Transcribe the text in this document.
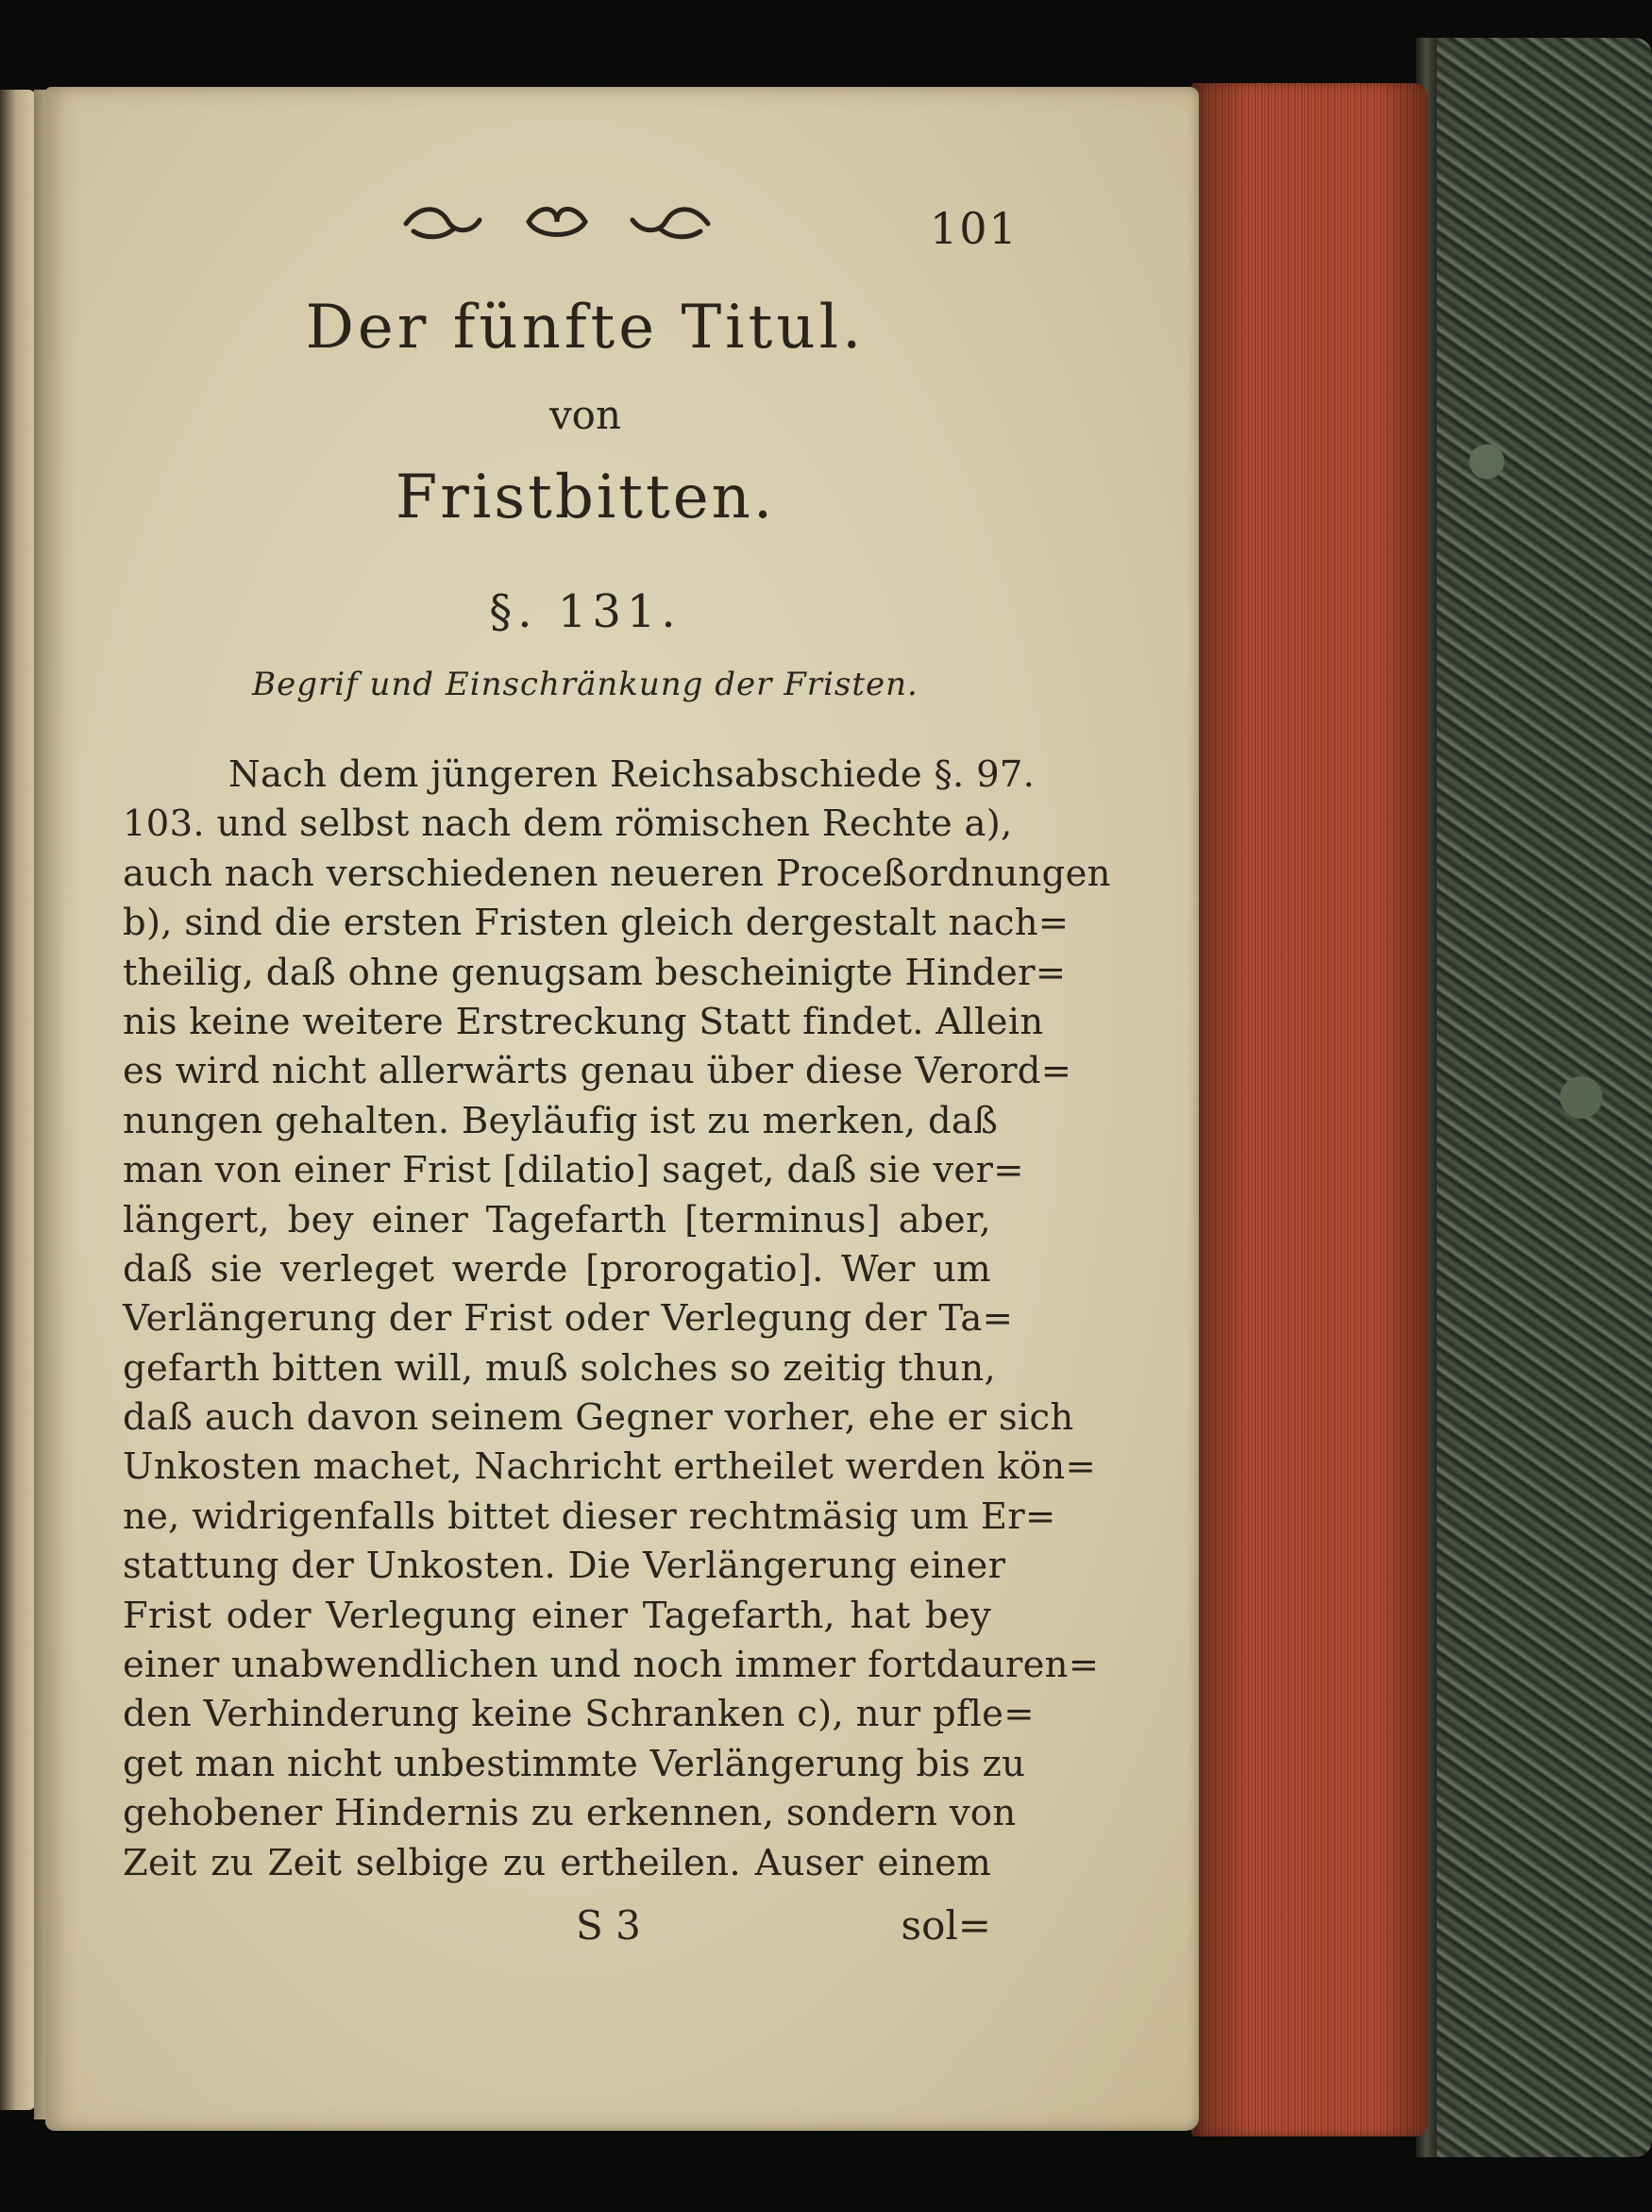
101
Der fünfte Titul.
von
Fristbitten.
§. 131.
Begrif und Einschränkung der Fristen.
Nach dem jüngeren Reichsabschiede §. 97.
103. und selbst nach dem römischen Rechte a),
auch nach verschiedenen neueren Proceßordnungen
b), sind die ersten Fristen gleich dergestalt nach=
theilig, daß ohne genugsam bescheinigte Hinder=
nis keine weitere Erstreckung Statt findet. Allein
es wird nicht allerwärts genau über diese Verord=
nungen gehalten. Beyläufig ist zu merken, daß
man von einer Frist [dilatio] saget, daß sie ver=
längert, bey einer Tagefarth [terminus] aber,
daß sie verleget werde [prorogatio]. Wer um
Verlängerung der Frist oder Verlegung der Ta=
gefarth bitten will, muß solches so zeitig thun,
daß auch davon seinem Gegner vorher, ehe er sich
Unkosten machet, Nachricht ertheilet werden kön=
ne, widrigenfalls bittet dieser rechtmäsig um Er=
stattung der Unkosten. Die Verlängerung einer
Frist oder Verlegung einer Tagefarth, hat bey
einer unabwendlichen und noch immer fortdauren=
den Verhinderung keine Schranken c), nur pfle=
get man nicht unbestimmte Verlängerung bis zu
gehobener Hindernis zu erkennen, sondern von
Zeit zu Zeit selbige zu ertheilen. Auser einem
S 3	sol=
